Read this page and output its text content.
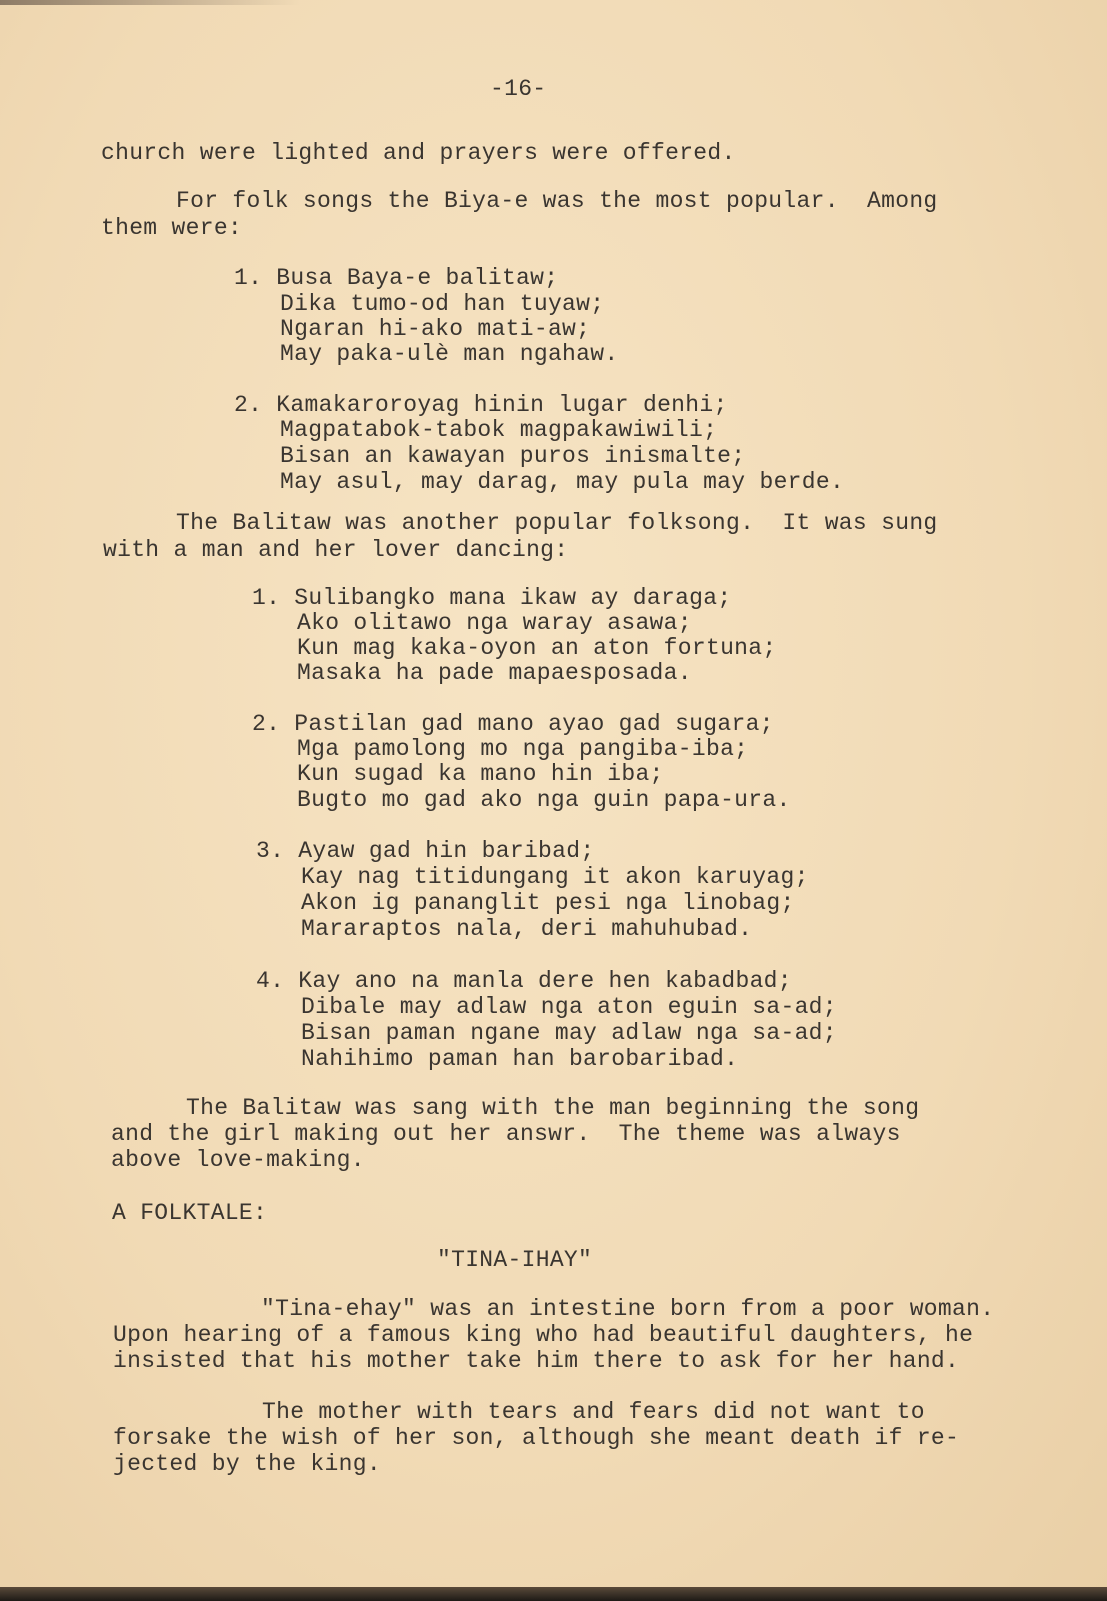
-16-
church were lighted and prayers were offered.
For folk songs the Biya-e was the most popular.  Among
them were:
1. Busa Baya-e balitaw;
Dika tumo-od han tuyaw;
Ngaran hi-ako mati-aw;
May paka-ulè man ngahaw.
2. Kamakaroroyag hinin lugar denhi;
Magpatabok-tabok magpakawiwili;
Bisan an kawayan puros inismalte;
May asul, may darag, may pula may berde.
The Balitaw was another popular folksong.  It was sung
with a man and her lover dancing:
1. Sulibangko mana ikaw ay daraga;
Ako olitawo nga waray asawa;
Kun mag kaka-oyon an aton fortuna;
Masaka ha pade mapaesposada.
2. Pastilan gad mano ayao gad sugara;
Mga pamolong mo nga pangiba-iba;
Kun sugad ka mano hin iba;
Bugto mo gad ako nga guin papa-ura.
3. Ayaw gad hin baribad;
Kay nag titidungang it akon karuyag;
Akon ig pananglit pesi nga linobag;
Mararaptos nala, deri mahuhubad.
4. Kay ano na manla dere hen kabadbad;
Dibale may adlaw nga aton eguin sa-ad;
Bisan paman ngane may adlaw nga sa-ad;
Nahihimo paman han barobaribad.
The Balitaw was sang with the man beginning the song
and the girl making out her answr.  The theme was always
above love-making.
A FOLKTALE:
"TINA-IHAY"
"Tina-ehay" was an intestine born from a poor woman.
Upon hearing of a famous king who had beautiful daughters, he
insisted that his mother take him there to ask for her hand.
The mother with tears and fears did not want to
forsake the wish of her son, although she meant death if re-
jected by the king.
